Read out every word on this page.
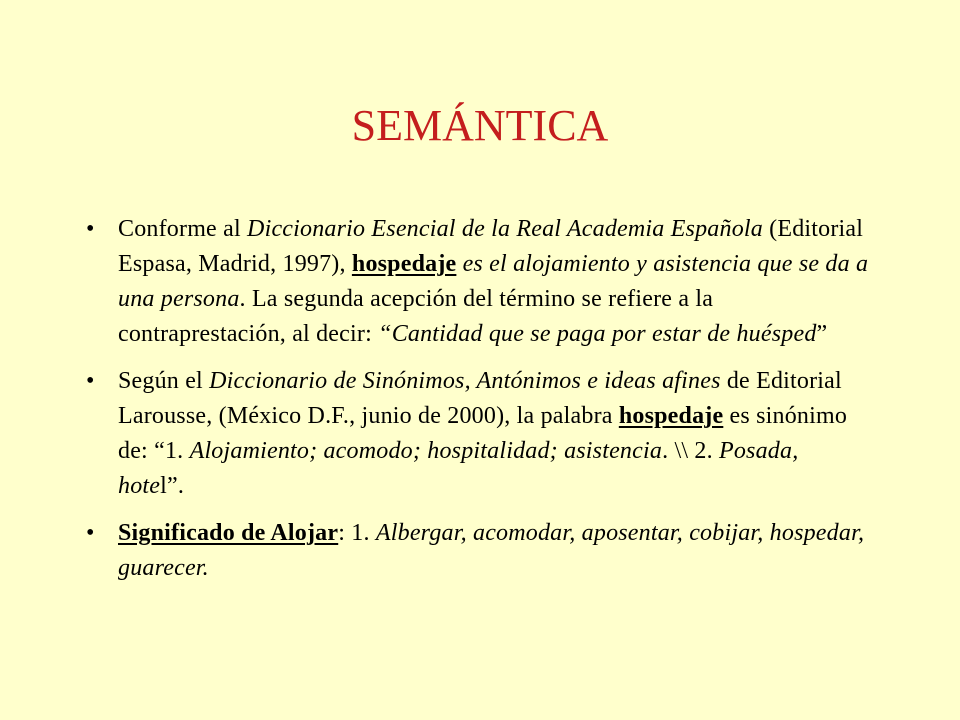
SEMÁNTICA
• Conforme al Diccionario Esencial de la Real Academia Española (Editorial Espasa, Madrid, 1997), hospedaje es el alojamiento y asistencia que se da a una persona. La segunda acepción del término se refiere a la contraprestación, al decir: “Cantidad que se paga por estar de huésped”
• Según el Diccionario de Sinónimos, Antónimos e ideas afines de Editorial Larousse, (México D.F., junio de 2000), la palabra hospedaje es sinónimo de: “1. Alojamiento; acomodo; hospitalidad; asistencia. \\ 2. Posada, hotel”.
• Significado de Alojar: 1. Albergar, acomodar, aposentar, cobijar, hospedar, guarecer.
